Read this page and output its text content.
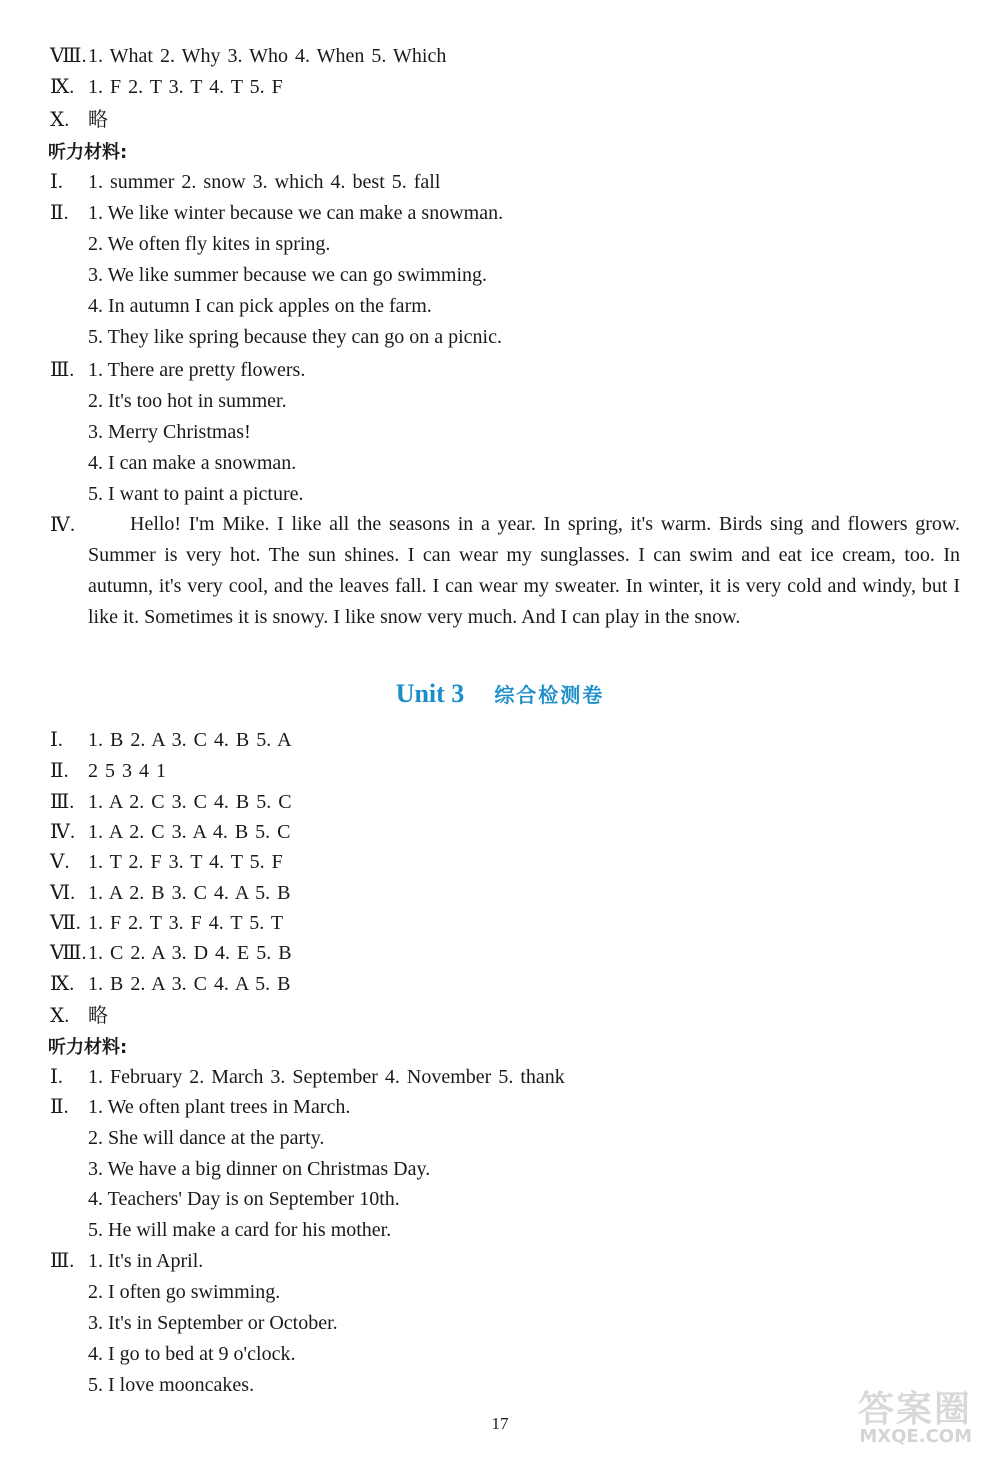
Ⅷ. 1. What 2. Why 3. Who 4. When 5. Which
Ⅸ. 1. F 2. T 3. T 4. T 5. F
Ⅹ. 略
听力材料:
Ⅰ. 1. summer 2. snow 3. which 4. best 5. fall
Ⅱ. 1. We like winter because we can make a snowman.
2. We often fly kites in spring.
3. We like summer because we can go swimming.
4. In autumn I can pick apples on the farm.
5. They like spring because they can go on a picnic.
Ⅲ. 1. There are pretty flowers.
2. It's too hot in summer.
3. Merry Christmas!
4. I can make a snowman.
5. I want to paint a picture.
Ⅳ.	Hello! I'm Mike. I like all the seasons in a year. In spring, it's warm. Birds sing and flowers grow. Summer is very hot. The sun shines. I can wear my sunglasses. I can swim and eat ice cream, too. In autumn, it's very cool, and the leaves fall. I can wear my sweater. In winter, it is very cold and windy, but I like it. Sometimes it is snowy. I like snow very much. And I can play in the snow.
Unit 3 综合检测卷
Ⅰ. 1. B 2. A 3. C 4. B 5. A
Ⅱ. 2 5 3 4 1
Ⅲ. 1. A 2. C 3. C 4. B 5. C
Ⅳ. 1. A 2. C 3. A 4. B 5. C
Ⅴ. 1. T 2. F 3. T 4. T 5. F
Ⅵ. 1. A 2. B 3. C 4. A 5. B
Ⅶ. 1. F 2. T 3. F 4. T 5. T
Ⅷ. 1. C 2. A 3. D 4. E 5. B
Ⅸ. 1. B 2. A 3. C 4. A 5. B
Ⅹ. 略
听力材料:
Ⅰ. 1. February 2. March 3. September 4. November 5. thank
Ⅱ. 1. We often plant trees in March.
2. She will dance at the party.
3. We have a big dinner on Christmas Day.
4. Teachers' Day is on September 10th.
5. He will make a card for his mother.
Ⅲ. 1. It's in April.
2. I often go swimming.
3. It's in September or October.
4. I go to bed at 9 o'clock.
5. I love mooncakes.
17	答案圈
MXQE.COM
